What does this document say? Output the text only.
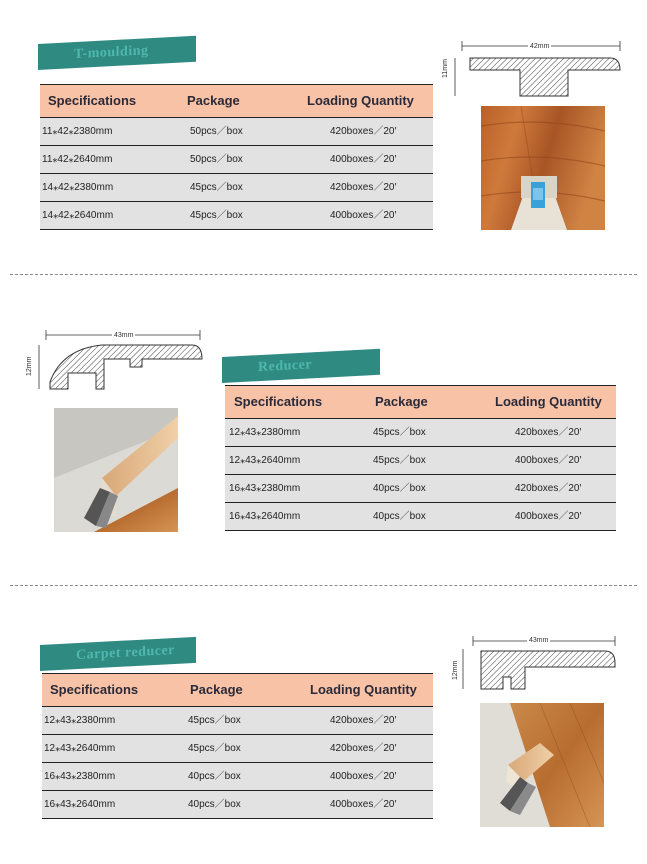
T-moulding
Specifications	Package	Loading Quantity
11⁎42⁎2380mm	50pcs／box	420boxes／20′
11⁎42⁎2640mm	50pcs／box	400boxes／20′
14⁎42⁎2380mm	45pcs／box	420boxes／20′
14⁎42⁎2640mm	45pcs／box	400boxes／20′
42mm
11mm
43mm
12mm	Reducer
Specifications	Package	Loading Quantity
12⁎43⁎2380mm	45pcs／box	420boxes／20′
12⁎43⁎2640mm	45pcs／box	400boxes／20′
16⁎43⁎2380mm	40pcs／box	420boxes／20′
16⁎43⁎2640mm	40pcs／box	400boxes／20′
Carpet reducer
Specifications	Package	Loading Quantity
12⁎43⁎2380mm	45pcs／box	420boxes／20′
12⁎43⁎2640mm	45pcs／box	420boxes／20′
16⁎43⁎2380mm	40pcs／box	400boxes／20′
16⁎43⁎2640mm	40pcs／box	400boxes／20′
43mm
12mm
